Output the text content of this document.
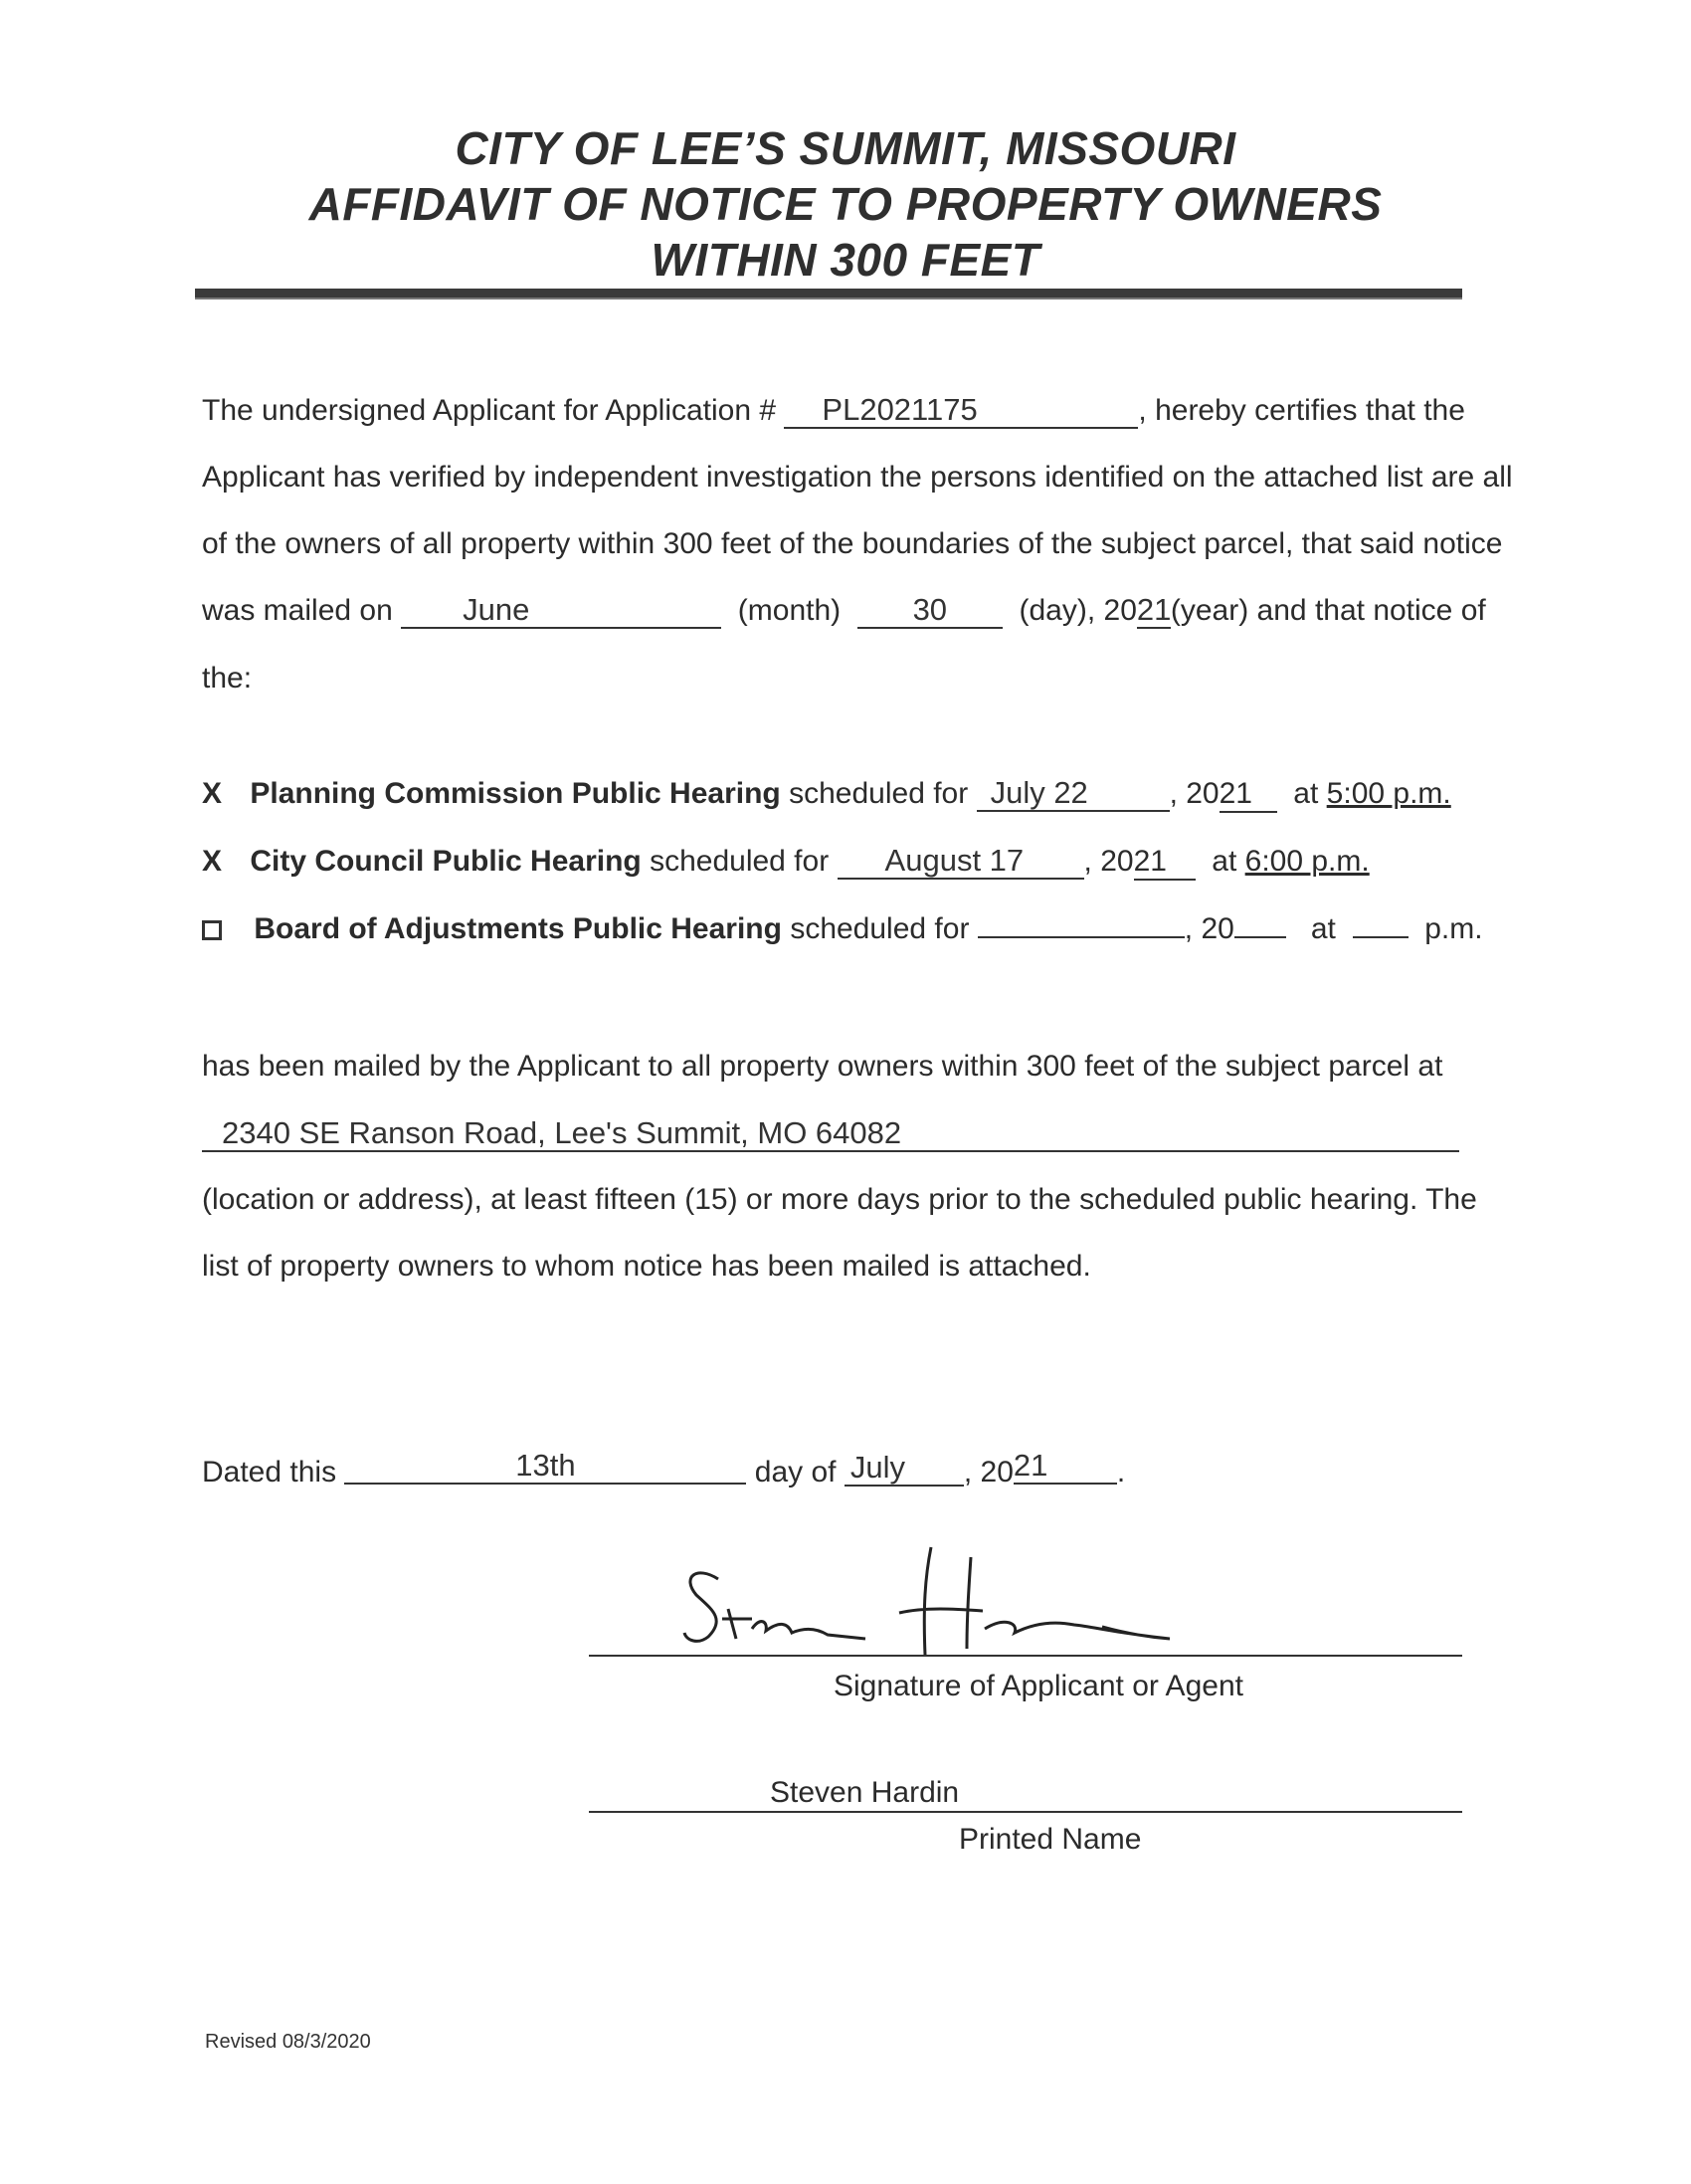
CITY OF LEE’S SUMMIT, MISSOURI
AFFIDAVIT OF NOTICE TO PROPERTY OWNERS
WITHIN 300 FEET
The undersigned Applicant for Application # PL2021175	, hereby certifies that the
Applicant has verified by independent investigation the persons identified on the attached list are all
of the owners of all property within 300 feet of the boundaries of the subject parcel, that said notice
was mailed on June	(month) 30 (day), 2021(year) and that notice of
the:
X Planning Commission Public Hearing scheduled for July 22	, 2021 at 5:00 p.m.
X City Council Public Hearing scheduled for August 17 , 2021 at 6:00 p.m.
Board of Adjustments Public Hearing scheduled for	, 20	at	p.m.
has been mailed by the Applicant to all property owners within 300 feet of the subject parcel at
2340 SE Ranson Road, Lee's Summit, MO 64082
(location or address), at least fifteen (15) or more days prior to the scheduled public hearing. The
list of property owners to whom notice has been mailed is attached.
Dated this	13th	day of July , 2021 .
Signature of Applicant or Agent
Steven Hardin
Printed Name
Revised 08/3/2020
